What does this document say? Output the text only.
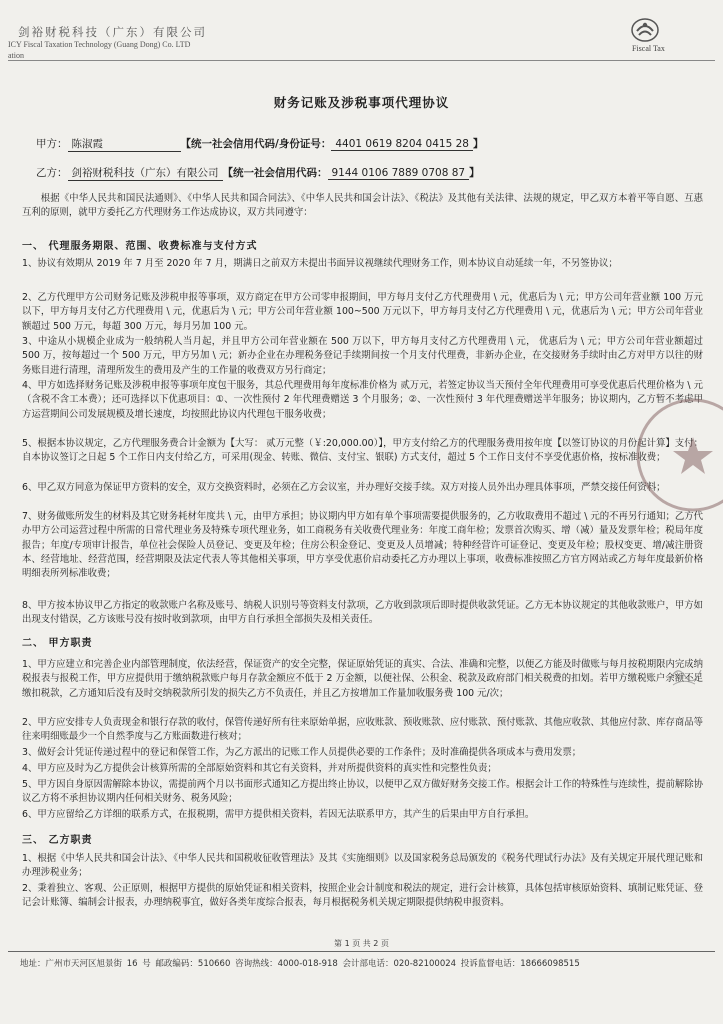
剑裕财税科技（广东）有限公司
ICY Fiscal Taxation Technology (Guang Dong) Co. LTD
ation
Fiscal Tax
财务记账及涉税事项代理协议
甲方： 陈淑霞	【统一社会信用代码/身份证号： 4401 0619 8204 0415 28 】
乙方： 剑裕财税科技（广东）有限公司 【统一社会信用代码： 9144 0106 7889 0708 87 】
根据《中华人民共和国民法通则》、《中华人民共和国合同法》、《中华人民共和国会计法》、《税法》及其他有关法律、法规的规定，甲乙双方本着平等自愿、互惠互利的原则，就甲方委托乙方代理财务工作达成协议，双方共同遵守：
一、 代理服务期限、范围、收费标准与支付方式
1、协议有效期从 2019 年 7 月至 2020 年 7 月，期满日之前双方未提出书面异议视继续代理财务工作，则本协议自动延续一年，不另签协议；
2、乙方代理甲方公司财务记账及涉税申报等事项，双方商定在甲方公司零申报期间，甲方每月支付乙方代理费用 \ 元，优惠后为 \ 元；甲方公司年营业额 100 万元以下，甲方每月支付乙方代理费用 \ 元，优惠后为 \ 元；甲方公司年营业额 100~500 万元以下，甲方每月支付乙方代理费用 \ 元，优惠后为 \ 元；甲方公司年营业额超过 500 万元，每超 300 万元，每月另加 100 元。
3、中途从小规模企业成为一般纳税人当月起，并且甲方公司年营业额在 500 万以下，甲方每月支付乙方代理费用 \ 元， 优惠后为 \ 元；甲方公司年营业额超过 500 万，按每超过一个 500 万元，甲方另加 \ 元；新办企业在办理税务登记手续期间按一个月支付代理费，非新办企业，在交接财务手续时由乙方对甲方以往的财务账目进行清理，清理所发生的费用及产生的工作量的收费双方另行商定；
4、甲方如选择财务记账及涉税申报等事项年度包干服务，其总代理费用每年度标准价格为 贰万元，若签定协议当天预付全年代理费用可享受优惠后代理价格为 \ 元（含税不含工本费）；还可选择以下优惠项目：①、一次性预付 2 年代理费赠送 3 个月服务；②、一次性预付 3 年代理费赠送半年服务；协议期内，乙方暂不考虑甲方运营期间公司发展规模及增长速度，均按照此协议内代理包干服务收费；
5、根据本协议规定，乙方代理服务费合计金额为【大写： 贰万元整（￥:20,000.00）】，甲方支付给乙方的代理服务费用按年度【以签订协议的月份起计算】支付：自本协议签订之日起 5 个工作日内支付给乙方，可采用(现金、转账、微信、支付宝、银联) 方式支付，超过 5 个工作日支付不享受优惠价格，按标准收费；
6、甲乙双方同意为保证甲方资料的安全，双方交换资料时，必须在乙方会议室，并办理好交接手续。双方对接人员外出办理具体事项，严禁交接任何资料；
7、财务做账所发生的材料及其它财务耗材年度共 \ 元，由甲方承担；协议期内甲方如有单个事项需要提供服务的，乙方收取费用不超过 \ 元的不再另行通知；乙方代办甲方公司运营过程中所需的日常代理业务及特殊专项代理业务，如工商税务有关收费代理业务：年度工商年检；发票首次购买、增（减）量及发票年检；税局年度报告；年度/专项审计报告，单位社会保险人员登记、变更及年检；住房公积金登记、变更及人员增减；特种经营许可证登记、变更及年检；股权变更、增/减注册资本、经营地址、经营范围，经营期限及法定代表人等其他相关事项，甲方享受优惠价启动委托乙方办理以上事项，收费标准按照乙方官方网站或乙方每年度最新价格明细表所列标准收费；
8、甲方按本协议甲乙方指定的收款账户名称及账号、纳税人识别号等资料支付款项，乙方收到款项后即时提供收款凭证。乙方无本协议规定的其他收款账户，甲方如出现支付错误，乙方该账号没有按时收到款项，由甲方自行承担全部损失及相关责任。
二、 甲方职责
1、甲方应建立和完善企业内部管理制度，依法经营，保证资产的安全完整，保证原始凭证的真实、合法、准确和完整，以便乙方能及时做账与每月按税期限内完成纳税报表与报税工作，甲方应提供用于缴纳税款账户每月存款金额应不低于 2 万金额，以便社保、公积金、税款及政府部门相关税费的扣划。若甲方缴税账户余额不足缴扣税款，乙方通知后没有及时交纳税款所引发的损失乙方不负责任，并且乙方按增加工作量加收服务费 100 元/次；
2、甲方应安排专人负责现金和银行存款的收付，保管传递好所有往来原始单据，应收账款、预收账款、应付账款、预付账款、其他应收款、其他应付款、库存商品等往来明细账最少一个自然季度与乙方账面数进行核对；
3、做好会计凭证传递过程中的登记和保管工作，为乙方派出的记账工作人员提供必要的工作条件；及时准确提供各项成本与费用发票；
4、甲方应及时为乙方提供会计核算所需的全部原始资料和其它有关资料，并对所提供资料的真实性和完整性负责；
5、甲方因自身原因需解除本协议，需提前两个月以书面形式通知乙方提出终止协议，以便甲乙双方做好财务交接工作。根据会计工作的特殊性与连续性，提前解除协议乙方将不承担协议期内任何相关财务、税务风险；
6、甲方应留给乙方详细的联系方式，在报税期，需甲方提供相关资料，若因无法联系甲方，其产生的后果由甲方自行承担。
三、 乙方职责
1、根据《中华人民共和国会计法》、《中华人民共和国税收征收管理法》及其《实施细则》以及国家税务总局颁发的《税务代理试行办法》及有关规定开展代理记账和办理涉税业务；
2、秉着独立、客观、公正原则，根据甲方提供的原始凭证和相关资料，按照企业会计制度和税法的规定，进行会计核算，具体包括审核原始资料、填制记账凭证、登记会计账簿、编制会计报表，办理纳税事宜，做好各类年度综合报表，每月根据税务机关规定期限提供纳税申报资料。
第 1 页 共 2 页
地址：广州市天河区旭景街 16 号 邮政编码：510660 咨询热线：4000-018-918 会计部电话：020-82100024 投诉监督电话：18666098515
